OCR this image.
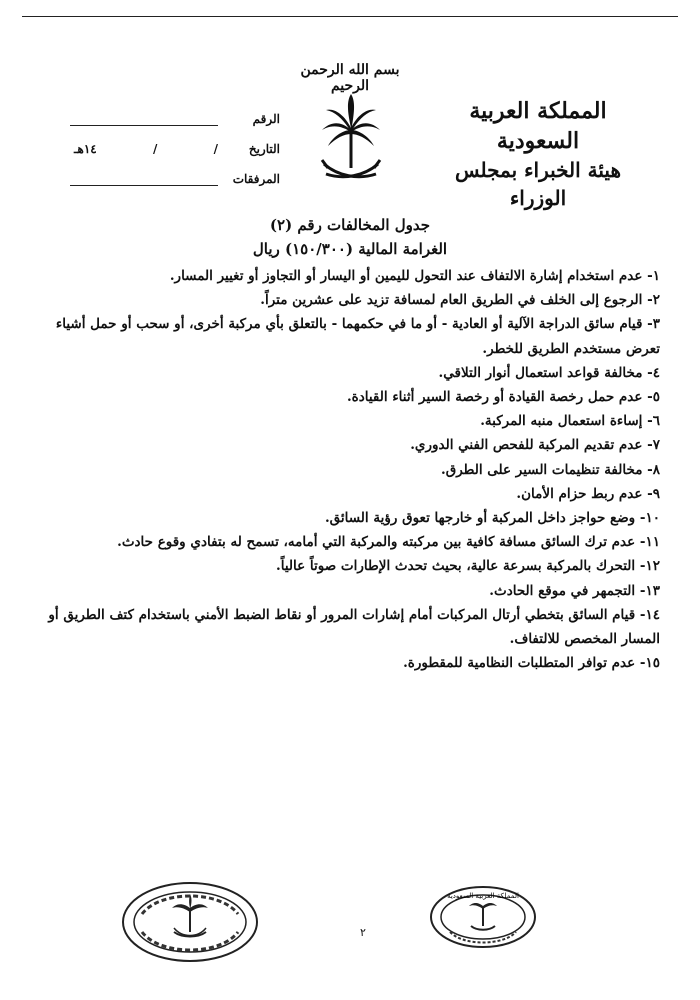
بسم الله الرحمن الرحيم
المملكة العربية السعودية
هيئة الخبراء بمجلس الوزراء
الرقم
التاريخ
/
/
١٤هـ
المرفقات
جدول المخالفات رقم (٢)
الغرامة المالية (١٥٠/٣٠٠) ريال
١- عدم استخدام إشارة الالتفاف عند التحول لليمين أو اليسار أو التجاوز أو تغيير المسار.
٢- الرجوع إلى الخلف في الطريق العام لمسافة تزيد على عشرين متراً.
٣- قيام سائق الدراجة الآلية أو العادية - أو ما في حكمهما - بالتعلق بأي مركبة أخرى، أو سحب أو حمل أشياء تعرض مستخدم الطريق للخطر.
٤- مخالفة قواعد استعمال أنوار التلاقي.
٥- عدم حمل رخصة القيادة أو رخصة السير أثناء القيادة.
٦- إساءة استعمال منبه المركبة.
٧- عدم تقديم المركبة للفحص الفني الدوري.
٨- مخالفة تنظيمات السير على الطرق.
٩- عدم ربط حزام الأمان.
١٠- وضع حواجز داخل المركبة أو خارجها تعوق رؤية السائق.
١١- عدم ترك السائق مسافة كافية بين مركبته والمركبة التي أمامه، تسمح له بتفادي وقوع حادث.
١٢- التحرك بالمركبة بسرعة عالية، بحيث تحدث الإطارات صوتاً عالياً.
١٣- التجمهر في موقع الحادث.
١٤- قيام السائق بتخطي أرتال المركبات أمام إشارات المرور أو نقاط الضبط الأمني باستخدام كتف الطريق أو المسار المخصص للالتفاف.
١٥- عدم توافر المتطلبات النظامية للمقطورة.
٢
المملكة العربية السعودية
